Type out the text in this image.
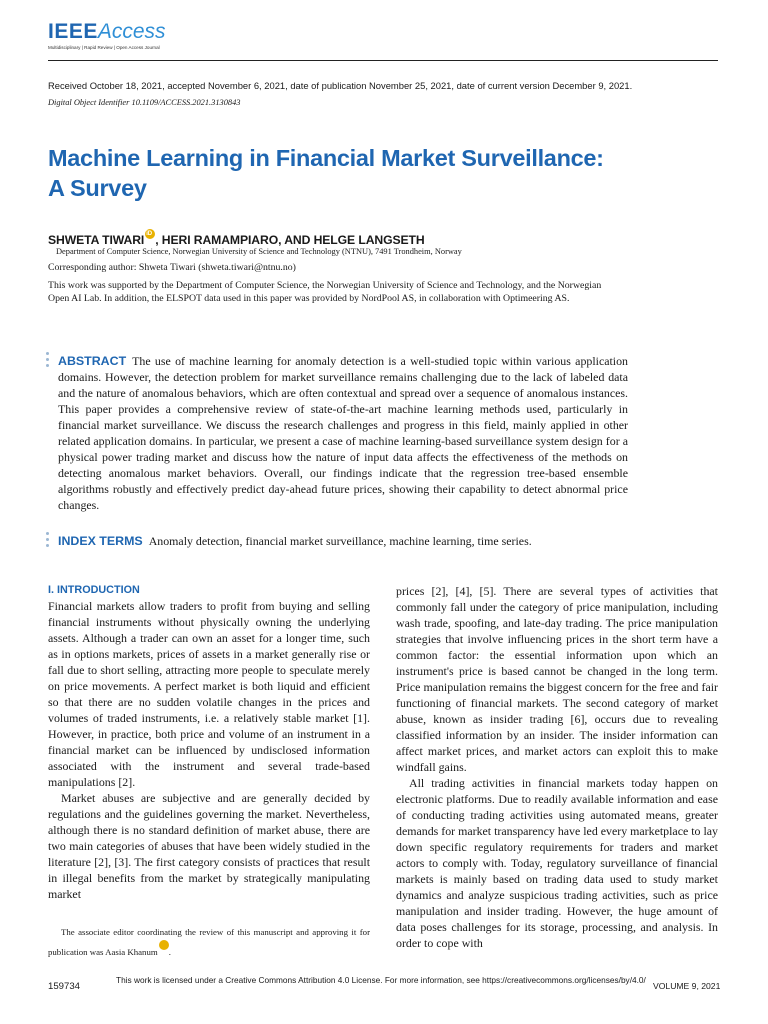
IEEEAccess
Multidisciplinary | Rapid Review | Open Access Journal
Received October 18, 2021, accepted November 6, 2021, date of publication November 25, 2021, date of current version December 9, 2021.
Digital Object Identifier 10.1109/ACCESS.2021.3130843
Machine Learning in Financial Market Surveillance: A Survey
SHWETA TIWARIiD , HERI RAMAMPIARO, AND HELGE LANGSETH
Department of Computer Science, Norwegian University of Science and Technology (NTNU), 7491 Trondheim, Norway
Corresponding author: Shweta Tiwari (shweta.tiwari@ntnu.no)
This work was supported by the Department of Computer Science, the Norwegian University of Science and Technology, and the Norwegian Open AI Lab. In addition, the ELSPOT data used in this paper was provided by NordPool AS, in collaboration with Optimeering AS.
ABSTRACT The use of machine learning for anomaly detection is a well-studied topic within various application domains. However, the detection problem for market surveillance remains challenging due to the lack of labeled data and the nature of anomalous behaviors, which are often contextual and spread over a sequence of anomalous instances. This paper provides a comprehensive review of state-of-the-art machine learning methods used, particularly in financial market surveillance. We discuss the research challenges and progress in this field, mainly applied in other related application domains. In particular, we present a case of machine learning-based surveillance system design for a physical power trading market and discuss how the nature of input data affects the effectiveness of the methods on detecting anomalous market behaviors. Overall, our findings indicate that the regression tree-based ensemble algorithms robustly and effectively predict day-ahead future prices, showing their capability to detect abnormal price changes.
INDEX TERMS Anomaly detection, financial market surveillance, machine learning, time series.
I. INTRODUCTION

Financial markets allow traders to profit from buying and selling financial instruments without physically owning the underlying assets. Although a trader can own an asset for a longer time, such as in options markets, prices of assets in a market generally rise or fall due to short selling, attracting more people to speculate merely on price movements. A perfect market is both liquid and efficient so that there are no sudden volatile changes in the prices and volumes of traded instruments, i.e. a relatively stable market [1]. However, in practice, both price and volume of an instrument in a financial market can be influenced by undisclosed information associated with the instrument and several trade-based manipulations [2].

Market abuses are subjective and are generally decided by regulations and the guidelines governing the market. Nevertheless, although there is no standard definition of market abuse, there are two main categories of abuses that have been widely studied in the literature [2], [3]. The first category consists of practices that result in illegal benefits from the market by strategically manipulating market

prices [2], [4], [5]. There are several types of activities that commonly fall under the category of price manipulation, including wash trade, spoofing, and late-day trading. The price manipulation strategies that involve influencing prices in the short term have a common factor: the essential information upon which an instrument's price is based cannot be changed in the long term. Price manipulation remains the biggest concern for the free and fair functioning of financial markets. The second category of market abuse, known as insider trading [6], occurs due to revealing classified information by an insider. The insider information can affect market prices, and market actors can exploit this to make windfall gains.

All trading activities in financial markets today happen on electronic platforms. Due to readily available information and ease of conducting trading activities using automated means, greater demands for market transparency have led every marketplace to lay down specific regulatory requirements for traders and market actors to comply with. Today, regulatory surveillance of financial markets is mainly based on trading data used to study market dynamics and analyze suspicious trading activities, such as price manipulation and insider trading. However, the huge amount of data poses challenges for its storage, processing, and analysis. In order to cope with

The associate editor coordinating the review of this manuscript and approving it for publication was Aasia KhanumiD .
159734
This work is licensed under a Creative Commons Attribution 4.0 License. For more information, see https://creativecommons.org/licenses/by/4.0/
VOLUME 9, 2021
